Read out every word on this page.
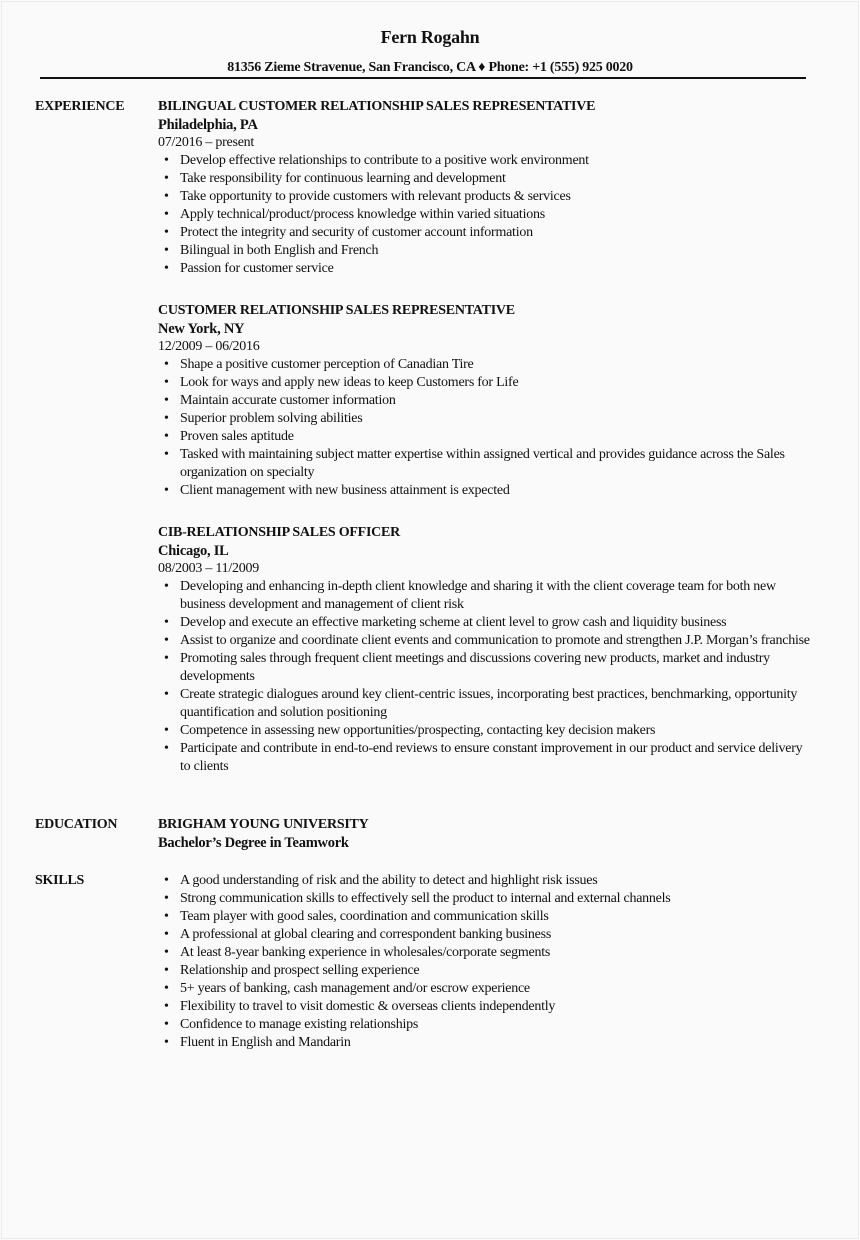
Fern Rogahn
81356 Zieme Stravenue, San Francisco, CA ♦ Phone: +1 (555) 925 0020
EXPERIENCE BILINGUAL CUSTOMER RELATIONSHIP SALES REPRESENTATIVE
Philadelphia, PA
07/2016 – present
• Develop effective relationships to contribute to a positive work environment
• Take responsibility for continuous learning and development
• Take opportunity to provide customers with relevant products & services
• Apply technical/product/process knowledge within varied situations
• Protect the integrity and security of customer account information
• Bilingual in both English and French
• Passion for customer service
CUSTOMER RELATIONSHIP SALES REPRESENTATIVE
New York, NY
12/2009 – 06/2016
• Shape a positive customer perception of Canadian Tire
• Look for ways and apply new ideas to keep Customers for Life
• Maintain accurate customer information
• Superior problem solving abilities
• Proven sales aptitude
• Tasked with maintaining subject matter expertise within assigned vertical and provides guidance across the Sales organization on specialty
• Client management with new business attainment is expected
CIB-RELATIONSHIP SALES OFFICER
Chicago, IL
08/2003 – 11/2009
• Developing and enhancing in-depth client knowledge and sharing it with the client coverage team for both new business development and management of client risk
• Develop and execute an effective marketing scheme at client level to grow cash and liquidity business
• Assist to organize and coordinate client events and communication to promote and strengthen J.P. Morgan’s franchise
• Promoting sales through frequent client meetings and discussions covering new products, market and industry developments
• Create strategic dialogues around key client-centric issues, incorporating best practices, benchmarking, opportunity quantification and solution positioning
• Competence in assessing new opportunities/prospecting, contacting key decision makers
• Participate and contribute in end-to-end reviews to ensure constant improvement in our product and service delivery to clients
EDUCATION	BRIGHAM YOUNG UNIVERSITY
Bachelor’s Degree in Teamwork
SKILLS	• A good understanding of risk and the ability to detect and highlight risk issues
• Strong communication skills to effectively sell the product to internal and external channels
• Team player with good sales, coordination and communication skills
• A professional at global clearing and correspondent banking business
• At least 8-year banking experience in wholesales/corporate segments
• Relationship and prospect selling experience
• 5+ years of banking, cash management and/or escrow experience
• Flexibility to travel to visit domestic & overseas clients independently
• Confidence to manage existing relationships
• Fluent in English and Mandarin
